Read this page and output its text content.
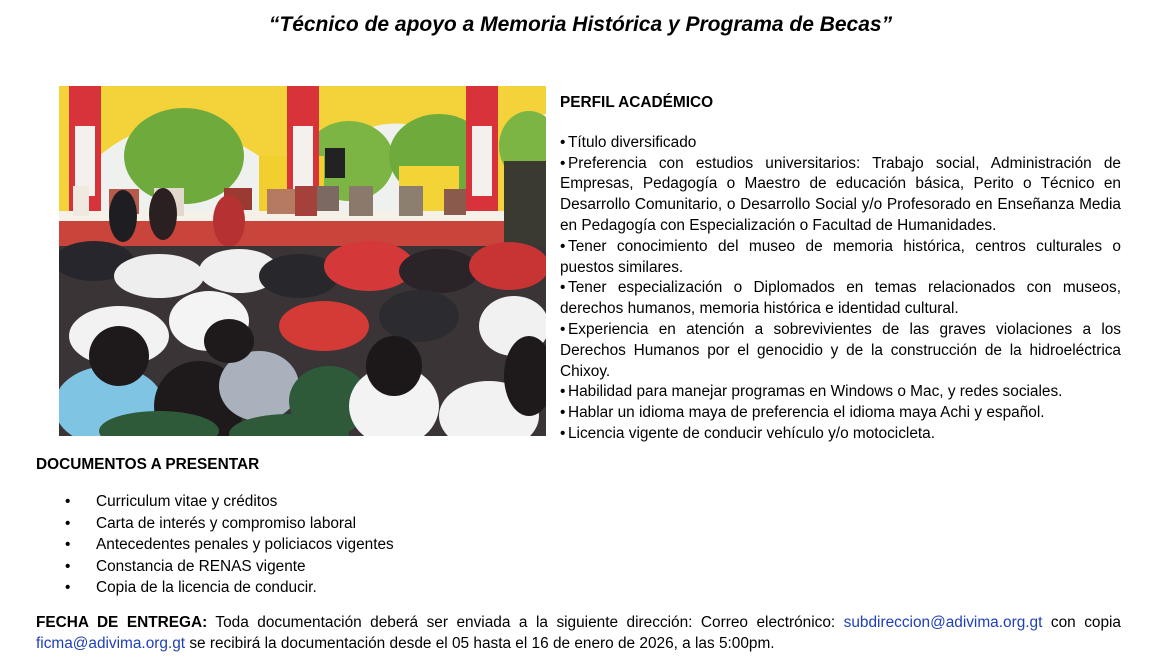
“Técnico de apoyo a Memoria Histórica y Programa de Becas”
PERFIL ACADÉMICO

• Título diversificado

• Preferencia con estudios universitarios: Trabajo social, Administración de Empresas, Pedagogía o Maestro de educación básica, Perito o Técnico en Desarrollo Comunitario, o Desarrollo Social y/o Profesorado en Enseñanza Media en Pedagogía con Especialización o Facultad de Humanidades.

• Tener conocimiento del museo de memoria histórica, centros culturales o puestos similares.

• Tener especialización o Diplomados en temas relacionados con museos, derechos humanos, memoria histórica e identidad cultural.

• Experiencia en atención a sobrevivientes de las graves violaciones a los Derechos Humanos por el genocidio y de la construcción de la hidroeléctrica Chixoy.

• Habilidad para manejar programas en Windows o Mac, y redes sociales.

• Hablar un idioma maya de preferencia el idioma maya Achi y español.

• Licencia vigente de conducir vehículo y/o motocicleta.

DOCUMENTOS A PRESENTAR
• Curriculum vitae y créditos
• Carta de interés y compromiso laboral
• Antecedentes penales y policiacos vigentes
• Constancia de RENAS vigente
• Copia de la licencia de conducir.
FECHA DE ENTREGA: Toda documentación deberá ser enviada a la siguiente dirección: Correo electrónico: subdireccion@adivima.org.gt con copia ficma@adivima.org.gt se recibirá la documentación desde el 05 hasta el 16 de enero de 2026, a las 5:00pm.
